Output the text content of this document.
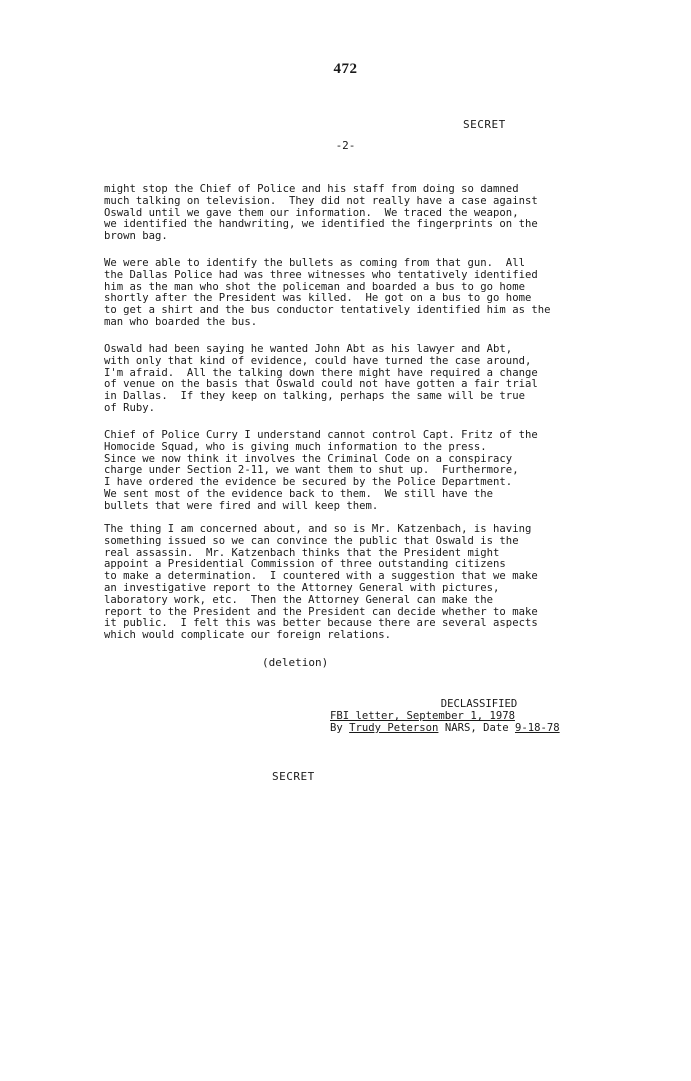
472
SECRET
-2-

might stop the Chief of Police and his staff from doing so damned
much talking on television.  They did not really have a case against
Oswald until we gave them our information.  We traced the weapon,
we identified the handwriting, we identified the fingerprints on the
brown bag.

We were able to identify the bullets as coming from that gun.  All
the Dallas Police had was three witnesses who tentatively identified
him as the man who shot the policeman and boarded a bus to go home
shortly after the President was killed.  He got on a bus to go home
to get a shirt and the bus conductor tentatively identified him as the
man who boarded the bus.

Oswald had been saying he wanted John Abt as his lawyer and Abt,
with only that kind of evidence, could have turned the case around,
I'm afraid.  All the talking down there might have required a change
of venue on the basis that Oswald could not have gotten a fair trial
in Dallas.  If they keep on talking, perhaps the same will be true
of Ruby.

Chief of Police Curry I understand cannot control Capt. Fritz of the
Homocide Squad, who is giving much information to the press.
Since we now think it involves the Criminal Code on a conspiracy
charge under Section 2-11, we want them to shut up.  Furthermore,
I have ordered the evidence be secured by the Police Department.
We sent most of the evidence back to them.  We still have the
bullets that were fired and will keep them.

The thing I am concerned about, and so is Mr. Katzenbach, is having
something issued so we can convince the public that Oswald is the
real assassin.  Mr. Katzenbach thinks that the President might
appoint a Presidential Commission of three outstanding citizens
to make a determination.  I countered with a suggestion that we make
an investigative report to the Attorney General with pictures,
laboratory work, etc.  Then the Attorney General can make the
report to the President and the President can decide whether to make
it public.  I felt this was better because there are several aspects
which would complicate our foreign relations.

(deletion)
DECLASSIFIED
FBI letter, September 1, 1978
By Trudy Peterson NARS, Date 9-18-78
SECRET
